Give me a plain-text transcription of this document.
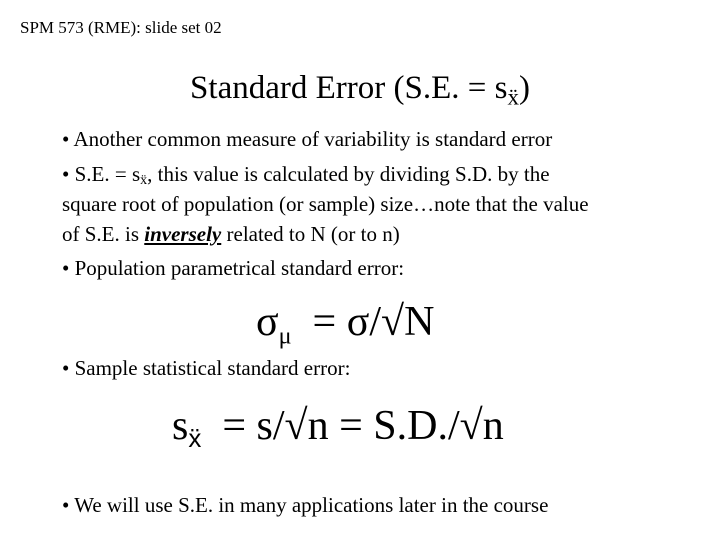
SPM 573 (RME): slide set 02
Standard Error (S.E. = $s_ẍ$)
• Another common measure of variability is standard error
• S.E. = $s_ẍ$, this value is calculated by dividing S.D. by the
square root of population (or sample) size…note that the value
of S.E. is inversely related to N (or to n)
• Population parametrical standard error:
$\sigma_\mu = \sigma/√N$
• Sample statistical standard error:
$s_ẍ = s/√n = S.D./√n$
• We will use S.E. in many applications later in the course
